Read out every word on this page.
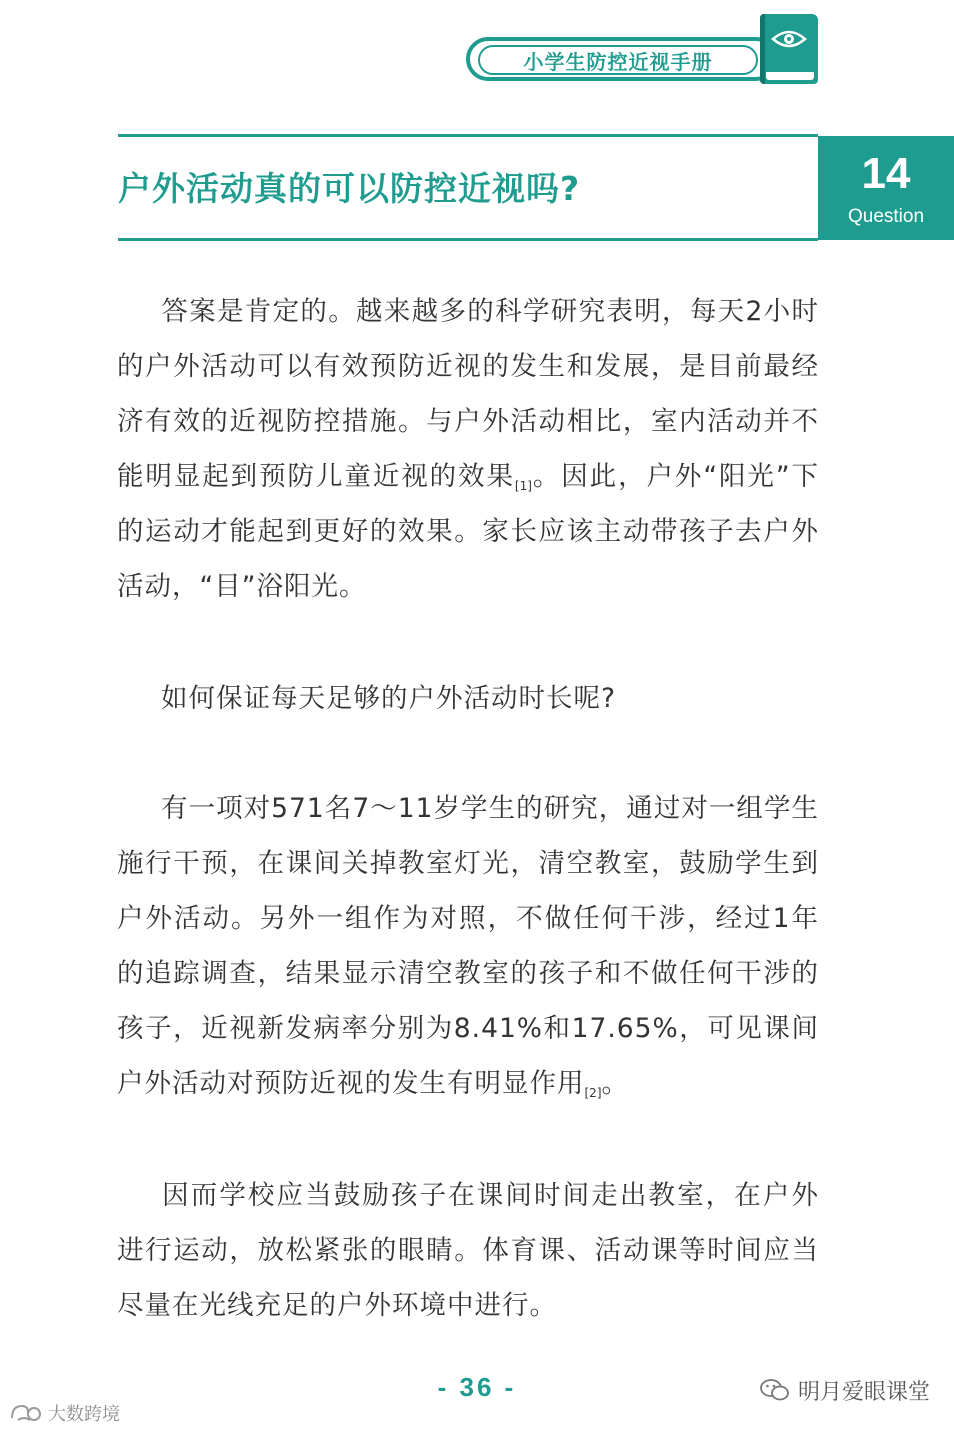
小学生防控近视手册
户外活动真的可以防控近视吗?	14
Question

答案是肯定的。越来越多的科学研究表明，每天2小时的户外活动可以有效预防近视的发生和发展，是目前最经济有效的近视防控措施。与户外活动相比，室内活动并不能明显起到预防儿童近视的效果[1]。因此，户外“阳光”下的运动才能起到更好的效果。家长应该主动带孩子去户外活动，“目”浴阳光。

如何保证每天足够的户外活动时长呢?

有一项对571名7～11岁学生的研究，通过对一组学生施行干预，在课间关掉教室灯光，清空教室，鼓励学生到户外活动。另外一组作为对照，不做任何干涉，经过1年的追踪调查，结果显示清空教室的孩子和不做任何干涉的孩子，近视新发病率分别为8.41%和17.65%，可见课间户外活动对预防近视的发生有明显作用[2]。

因而学校应当鼓励孩子在课间时间走出教室，在户外进行运动，放松紧张的眼睛。体育课、活动课等时间应当尽量在光线充足的户外环境中进行。

- 36 -	明月爱眼课堂
大数跨境
